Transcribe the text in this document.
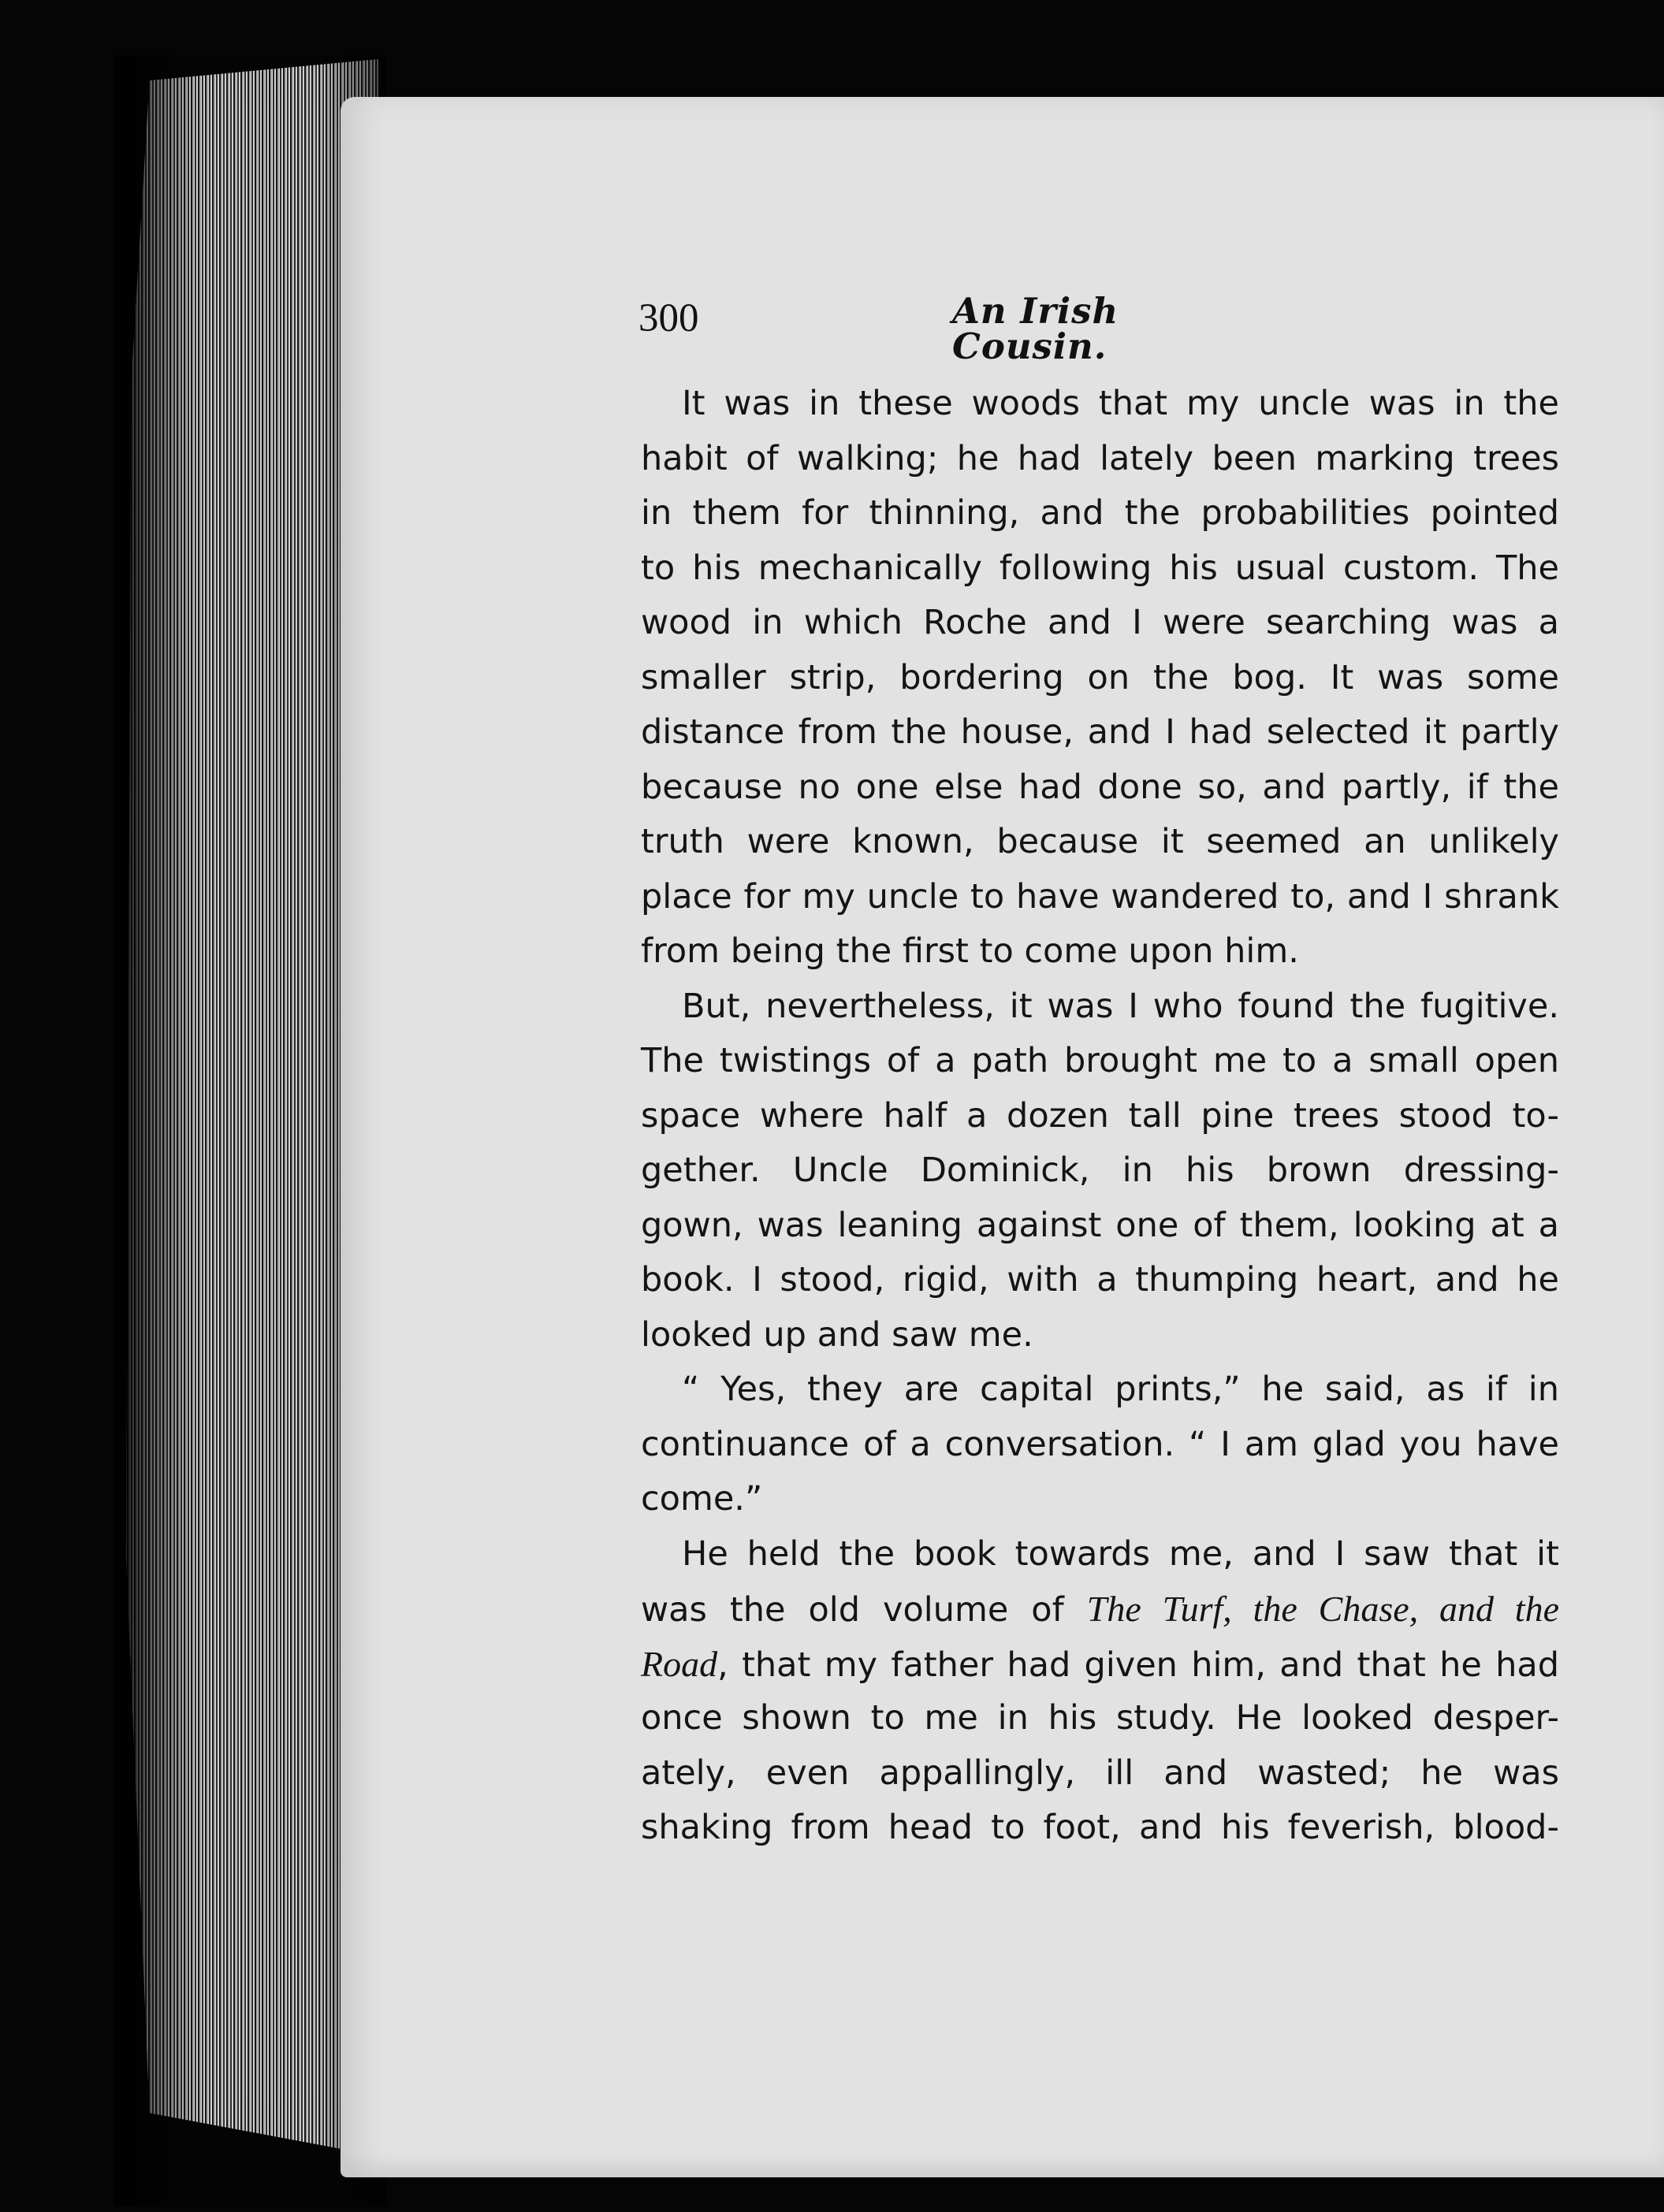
300	An Irish Cousin.
It was in these woods that my uncle was in the
habit of walking; he had lately been marking trees
in them for thinning, and the probabilities pointed
to his mechanically following his usual custom. The
wood in which Roche and I were searching was a
smaller strip, bordering on the bog. It was some
distance from the house, and I had selected it partly
because no one else had done so, and partly, if the
truth were known, because it seemed an unlikely
place for my uncle to have wandered to, and I shrank
from being the first to come upon him.
But, nevertheless, it was I who found the fugitive.
The twistings of a path brought me to a small open
space where half a dozen tall pine trees stood to-
gether. Uncle Dominick, in his brown dressing-
gown, was leaning against one of them, looking at a
book. I stood, rigid, with a thumping heart, and he
looked up and saw me.
“ Yes, they are capital prints,” he said, as if in
continuance of a conversation. “ I am glad you have
come.”
He held the book towards me, and I saw that it
was the old volume of The Turf, the Chase, and the
Road, that my father had given him, and that he had
once shown to me in his study. He looked desper-
ately, even appallingly, ill and wasted; he was
shaking from head to foot, and his feverish, blood-
